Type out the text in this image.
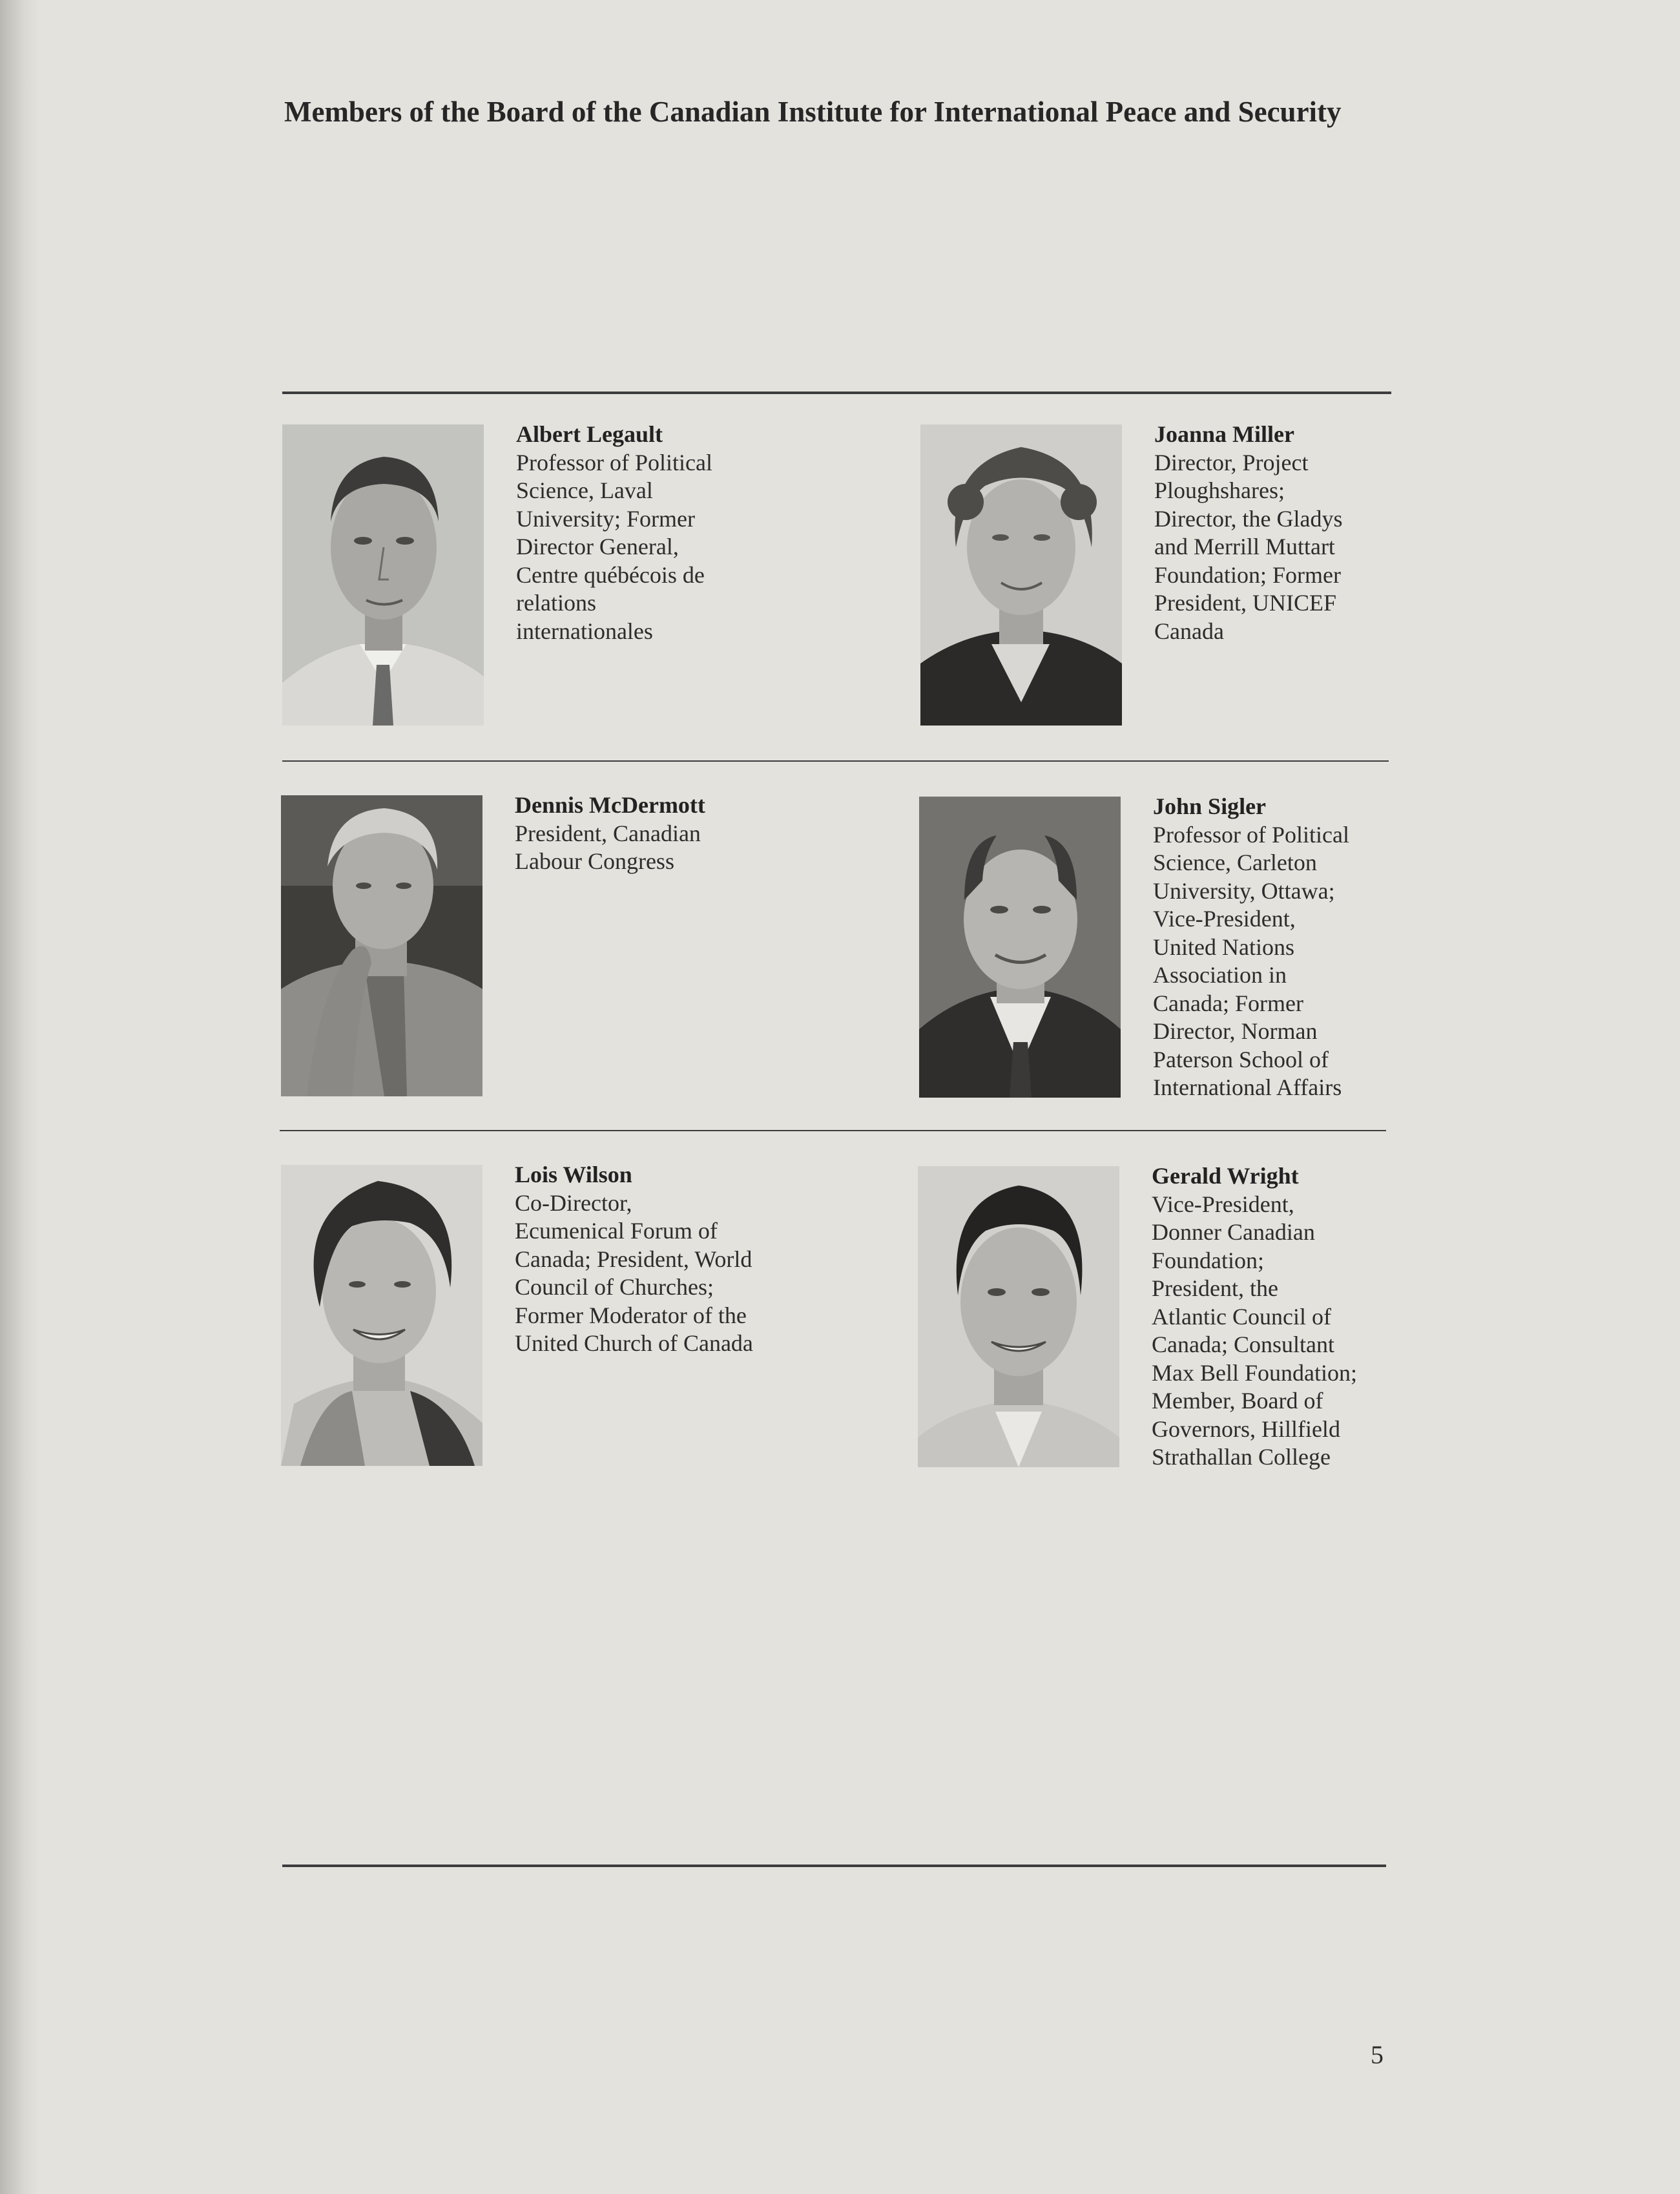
Members of the Board of the Canadian Institute for International Peace and Security
Albert Legault
Professor of Political
Science, Laval
University; Former
Director General,
Centre québécois de
relations
internationales
Joanna Miller
Director, Project
Ploughshares;
Director, the Gladys
and Merrill Muttart
Foundation; Former
President, UNICEF
Canada
Dennis McDermott
President, Canadian
Labour Congress
John Sigler
Professor of Political
Science, Carleton
University, Ottawa;
Vice-President,
United Nations
Association in
Canada; Former
Director, Norman
Paterson School of
International Affairs
Lois Wilson
Co-Director,
Ecumenical Forum of
Canada; President, World
Council of Churches;
Former Moderator of the
United Church of Canada
Gerald Wright
Vice-President,
Donner Canadian
Foundation;
President, the
Atlantic Council of
Canada; Consultant
Max Bell Foundation;
Member, Board of
Governors, Hillfield
Strathallan College
5
